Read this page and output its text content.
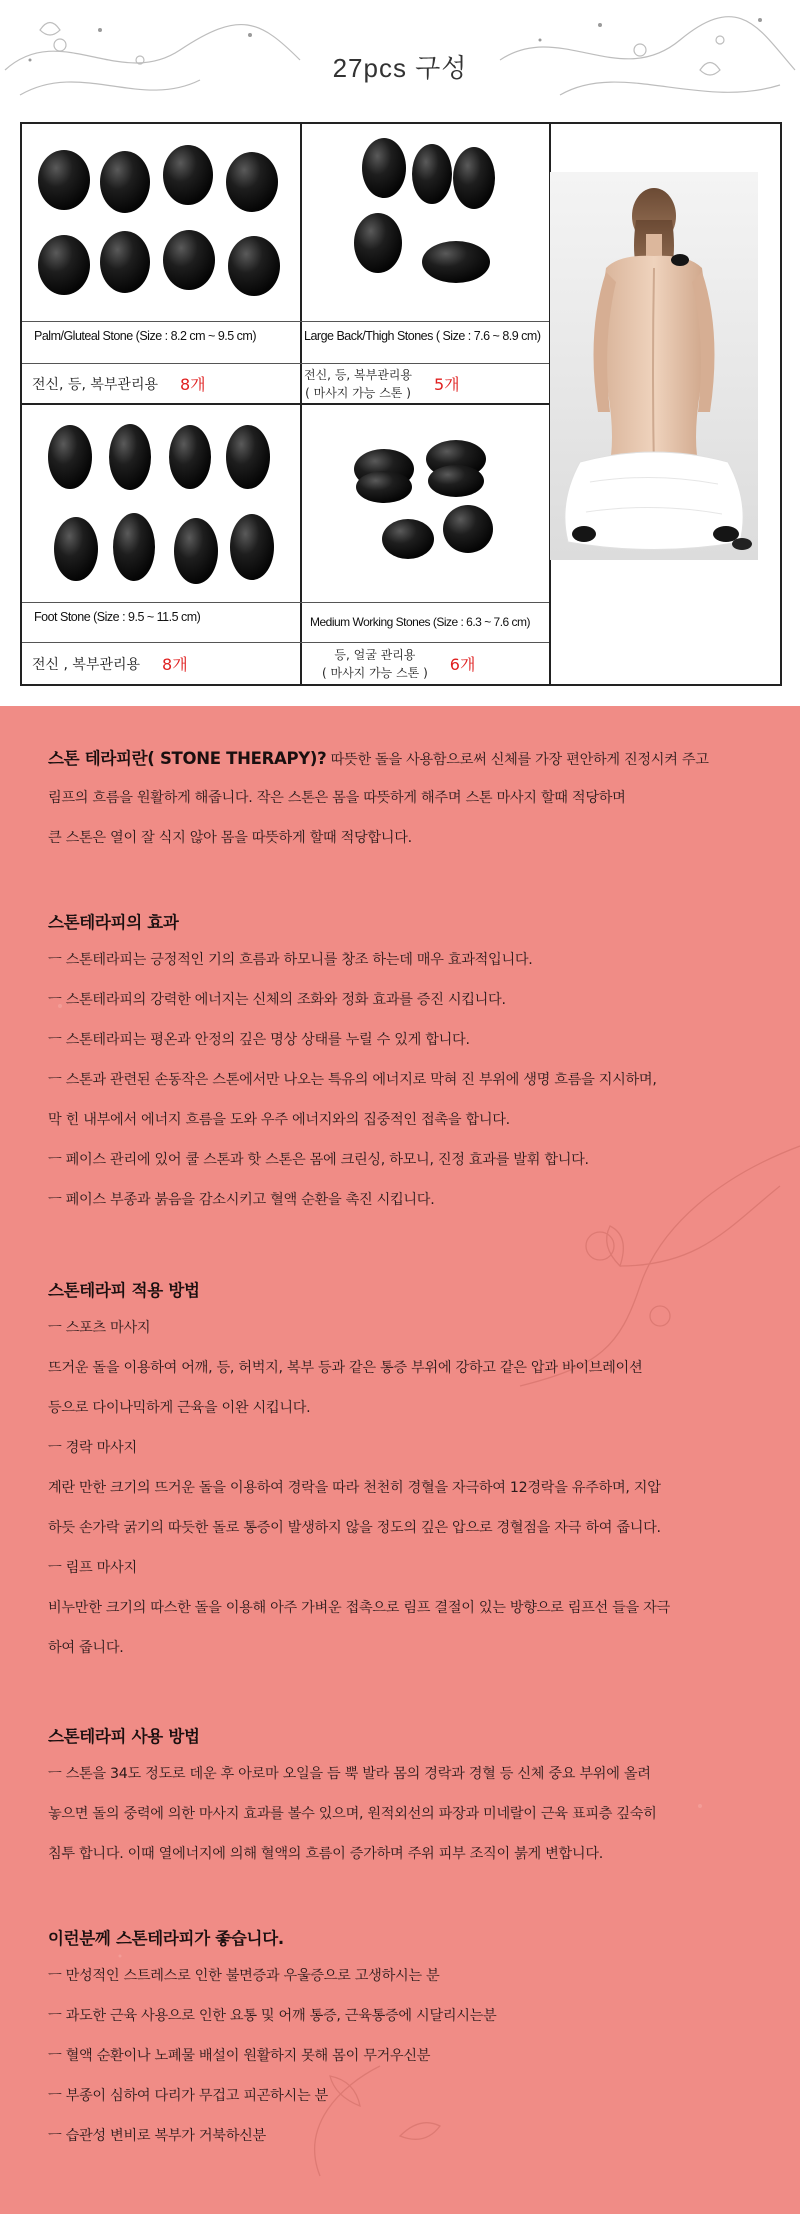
27pcs 구성
Palm/Gluteal Stone (Size : 8.2 cm ~ 9.5 cm)
전신, 등, 복부관리용 8개
Large Back/Thigh Stones ( Size : 7.6 ~ 8.9 cm)
전신, 등, 복부관리용
( 마사지 가능 스톤 ) 5개
Foot Stone (Size : 9.5 ~ 11.5 cm)
전신 , 복부관리용 8개
Medium Working Stones (Size : 6.3 ~ 7.6 cm)
등, 얼굴 관리용
( 마사지 가능 스톤 ) 6개

스톤 테라피란( STONE THERAPY)? 따뜻한 돌을 사용함으로써 신체를 가장 편안하게 진정시켜 주고

림프의 흐름을 원활하게 해줍니다. 작은 스톤은 몸을 따뜻하게 해주며 스톤 마사지 할때 적당하며

큰 스톤은 열이 잘 식지 않아 몸을 따뜻하게 할때 적당합니다.

스톤테라피의 효과

ㅡ 스톤테라피는 긍정적인 기의 흐름과 하모니를 창조 하는데 매우 효과적입니다.

ㅡ 스톤테라피의 강력한 에너지는 신체의 조화와 정화 효과를 증진 시킵니다.

ㅡ 스톤테라피는 평온과 안정의 깊은 명상 상태를 누릴 수 있게 합니다.

ㅡ 스톤과 관련된 손동작은 스톤에서만 나오는 특유의 에너지로 막혀 진 부위에 생명 흐름을 지시하며,

막 힌 내부에서 에너지 흐름을 도와 우주 에너지와의 집중적인 접촉을 합니다.

ㅡ 페이스 관리에 있어 쿨 스톤과 핫 스톤은 몸에 크린싱, 하모니, 진정 효과를 발휘 합니다.

ㅡ 페이스 부종과 붉음을 감소시키고 혈액 순환을 촉진 시킵니다.

스톤테라피 적용 방법

ㅡ 스포츠 마사지

뜨거운 돌을 이용하여 어깨, 등, 허벅지, 복부 등과 같은 통증 부위에 강하고 같은 압과 바이브레이션

등으로 다이나믹하게 근육을 이완 시킵니다.

ㅡ 경락 마사지

계란 만한 크기의 뜨거운 돌을 이용하여 경락을 따라 천천히 경혈을 자극하여 12경락을 유주하며, 지압

하듯 손가락 굵기의 따듯한 돌로 통증이 발생하지 않을 정도의 깊은 압으로 경혈점을 자극 하여 줍니다.

ㅡ 림프 마사지

비누만한 크기의 따스한 돌을 이용해 아주 가벼운 접촉으로 림프 결절이 있는 방향으로 림프선 들을 자극

하여 줍니다.

스톤테라피 사용 방법

ㅡ 스톤을 34도 정도로 데운 후 아로마 오일을 듬 뿍 발라 몸의 경락과 경혈 등 신체 중요 부위에 올려

놓으면 돌의 중력에 의한 마사지 효과를 볼수 있으며, 원적외선의 파장과 미네랄이 근육 표피층 깊숙히

침투 합니다. 이때 열에너지에 의해 혈액의 흐름이 증가하며 주위 피부 조직이 붉게 변합니다.

이런분께 스톤테라피가 좋습니다.

ㅡ 만성적인 스트레스로 인한 불면증과 우울증으로 고생하시는 분

ㅡ 과도한 근육 사용으로 인한 요통 및 어깨 통증, 근육통증에 시달리시는분

ㅡ 혈액 순환이나 노폐물 배설이 원활하지 못해 몸이 무거우신분

ㅡ 부종이 심하여 다리가 무겁고 피곤하시는 분

ㅡ 습관성 변비로 복부가 거북하신분
